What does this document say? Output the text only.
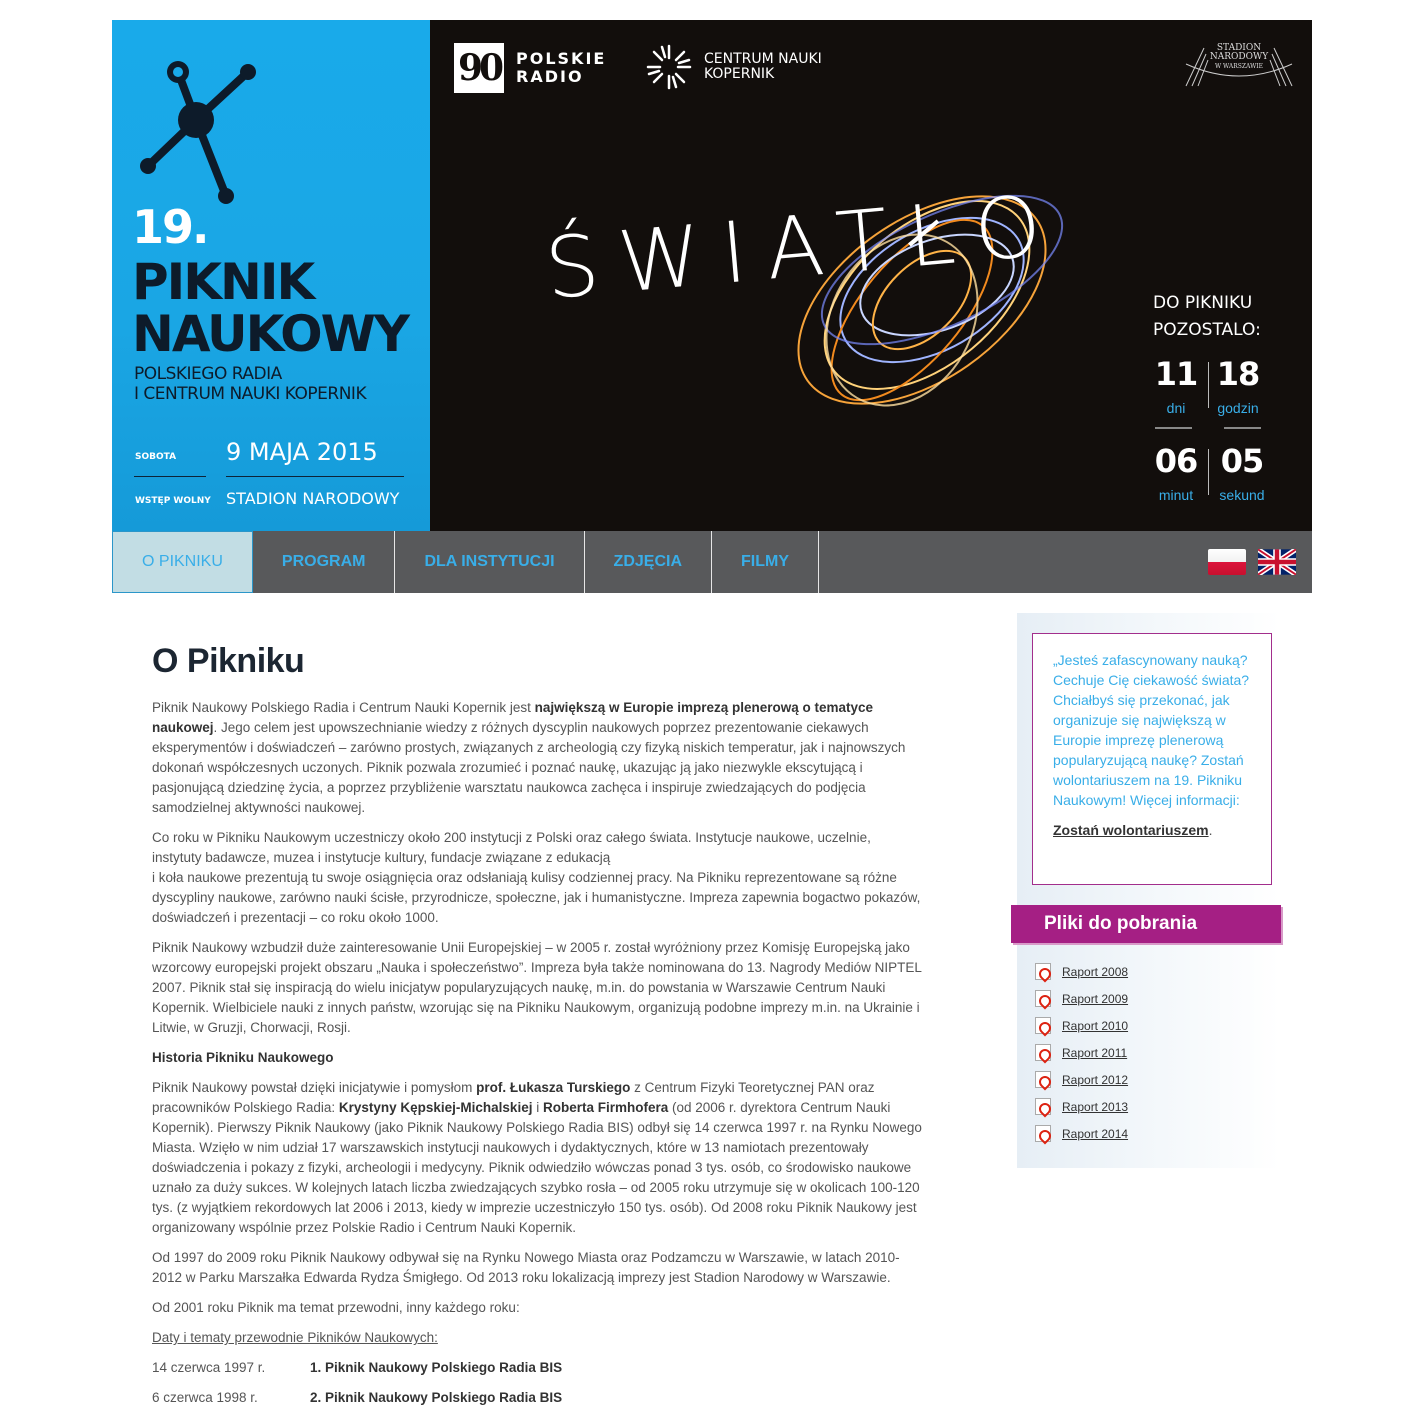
19.
PIKNIK
NAUKOWY
POLSKIEGO RADIA
I CENTRUM NAUKI KOPERNIK
SOBOTA 9 MAJA 2015
WSTĘP WOLNY STADION NARODOWY
90 POLSKIE
RADIO
CENTRUM NAUKI
KOPERNIK
STADION
NARODOWY
W WARSZAWIE
ŚWIATŁO	DO PIKNIKU
POZOSTALO:
11
dni
18
godzin
06
minut
05
sekund
O PIKNIKU	PROGRAM	DLA INSTYTUCJI	ZDJĘCIA	FILMY
O Pikniku

Piknik Naukowy Polskiego Radia i Centrum Nauki Kopernik jest największą w Europie imprezą plenerową o tematyce naukowej. Jego celem jest upowszechnianie wiedzy z różnych dyscyplin naukowych poprzez prezentowanie ciekawych eksperymentów i doświadczeń – zarówno prostych, związanych z archeologią czy fizyką niskich temperatur, jak i najnowszych dokonań współczesnych uczonych. Piknik pozwala zrozumieć i poznać naukę, ukazując ją jako niezwykle ekscytującą i pasjonującą dziedzinę życia, a poprzez przybliżenie warsztatu naukowca zachęca i inspiruje zwiedzających do podjęcia samodzielnej aktywności naukowej.

Co roku w Pikniku Naukowym uczestniczy około 200 instytucji z Polski oraz całego świata. Instytucje naukowe, uczelnie, instytuty badawcze, muzea i instytucje kultury, fundacje związane z edukacją
i koła naukowe prezentują tu swoje osiągnięcia oraz odsłaniają kulisy codziennej pracy. Na Pikniku reprezentowane są różne dyscypliny naukowe, zarówno nauki ścisłe, przyrodnicze, społeczne, jak i humanistyczne. Impreza zapewnia bogactwo pokazów, doświadczeń i prezentacji – co roku około 1000.

Piknik Naukowy wzbudził duże zainteresowanie Unii Europejskiej – w 2005 r. został wyróżniony przez Komisję Europejską jako wzorcowy europejski projekt obszaru „Nauka i społeczeństwo”. Impreza była także nominowana do 13. Nagrody Mediów NIPTEL 2007. Piknik stał się inspiracją do wielu inicjatyw popularyzujących naukę, m.in. do powstania w Warszawie Centrum Nauki Kopernik. Wielbiciele nauki z innych państw, wzorując się na Pikniku Naukowym, organizują podobne imprezy m.in. na Ukrainie i Litwie, w Gruzji, Chorwacji, Rosji.

Historia Pikniku Naukowego

Piknik Naukowy powstał dzięki inicjatywie i pomysłom prof. Łukasza Turskiego z Centrum Fizyki Teoretycznej PAN oraz pracowników Polskiego Radia: Krystyny Kępskiej-Michalskiej i Roberta Firmhofera (od 2006 r. dyrektora Centrum Nauki Kopernik). Pierwszy Piknik Naukowy (jako Piknik Naukowy Polskiego Radia BIS) odbył się 14 czerwca 1997 r. na Rynku Nowego Miasta. Wzięło w nim udział 17 warszawskich instytucji naukowych i dydaktycznych, które w 13 namiotach prezentowały doświadczenia i pokazy z fizyki, archeologii i medycyny. Piknik odwiedziło wówczas ponad 3 tys. osób, co środowisko naukowe uznało za duży sukces. W kolejnych latach liczba zwiedzających szybko rosła – od 2005 roku utrzymuje się w okolicach 100-120 tys. (z wyjątkiem rekordowych lat 2006 i 2013, kiedy w imprezie uczestniczyło 150 tys. osób). Od 2008 roku Piknik Naukowy jest organizowany wspólnie przez Polskie Radio i Centrum Nauki Kopernik.

Od 1997 do 2009 roku Piknik Naukowy odbywał się na Rynku Nowego Miasta oraz Podzamczu w Warszawie, w latach 2010-2012 w Parku Marszałka Edwarda Rydza Śmigłego. Od 2013 roku lokalizacją imprezy jest Stadion Narodowy w Warszawie.

Od 2001 roku Piknik ma temat przewodni, inny każdego roku:

Daty i tematy przewodnie Pikników Naukowych:

14 czerwca 1997 r.	1. Piknik Naukowy Polskiego Radia BIS
6 czerwca 1998 r.	2. Piknik Naukowy Polskiego Radia BIS
„Jesteś zafascynowany nauką? Cechuje Cię ciekawość świata? Chciałbyś się przekonać, jak organizuje się największą w Europie imprezę plenerową popularyzującą naukę? Zostań wolontariuszem na 19. Pikniku Naukowym! Więcej informacji:
Zostań wolontariuszem.
Pliki do pobrania
Raport 2008
Raport 2009
Raport 2010
Raport 2011
Raport 2012
Raport 2013
Raport 2014
